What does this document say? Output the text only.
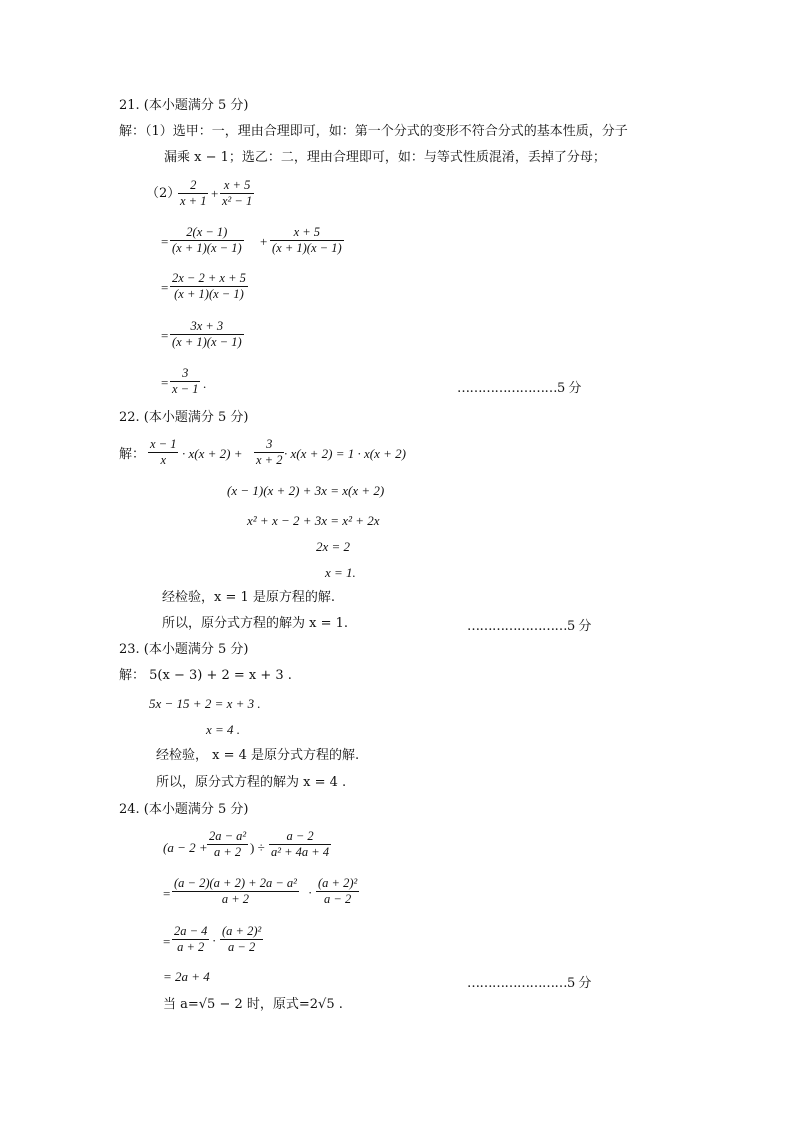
21. (本小题满分 5 分)
解：（1）选甲：一，理由合理即可，如：第一个分式的变形不符合分式的基本性质，分子
漏乘 x − 1；选乙：二，理由合理即可，如：与等式性质混淆，丢掉了分母；
（2）
$\frac{2}{x + 1} + \frac{x + 5}{\text{x² − 1}}$
= $\frac{2(x - 1)}{(x + 1)(x - 1)} + \frac{x + 5}{(x + 1)(x - 1)}$
= $\frac{2x - 2 + x + 5}{(x + 1)(x - 1)}$
= $\frac{3x + 3}{(x + 1)(x - 1)}$
= $\frac{3}{x - 1}$ .	……………………5 分
22. (本小题满分 5 分)
解： $\frac{x - 1}{x} \cdot x(x + 2) + \frac{3}{x + 2} \cdot x(x + 2) = 1 \cdot x(x + 2)$
(x − 1)(x + 2) + 3x = x(x + 2)
x² + x − 2 + 3x = x² + 2x
2x = 2
x = 1.
经检验，x = 1 是原方程的解.
所以，原分式方程的解为 x = 1.	……………………5 分
23. (本小题满分 5 分)
解： 5(x − 3) + 2 = x + 3 .
5x − 15 + 2 = x + 3 .
x = 4 .
经检验， x = 4 是原分式方程的解.
所以，原分式方程的解为 x = 4 .
24. (本小题满分 5 分)
($a - 2 + \frac{\text{2a − a²}}{a + 2}$ ) ÷ $\frac{a - 2}{\text{a² + 4a + 4}}$
= $\frac{\text{(a − 2)(a + 2) + 2a − a²}}{a + 2} \cdot \frac{\text{(a + 2)²}}{a - 2}$
= $\frac{2a - 4}{a + 2} \cdot \frac{\text{(a + 2)²}}{a - 2}$
= 2a + 4	……………………5 分
当 a=√5 − 2 时，原式=2√5 .
